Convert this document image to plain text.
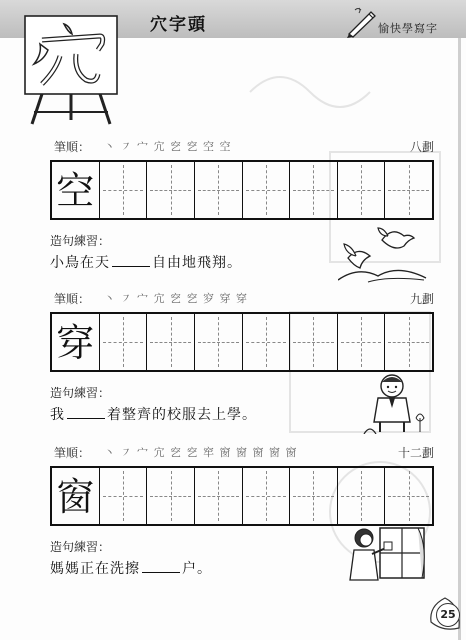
穴字頭	愉快學寫字
筆順： 丶 ㇇ 宀 宂 穵 穵 空 空	八劃
空
造句練習：
小鳥在天	自由地飛翔。
筆順： 丶 ㇇ 宀 宂 穵 穵 穸 穿 穿	九劃
穿
造句練習：
我	着整齊的校服去上學。
筆順： 丶 ㇇ 宀 宂 穵 穵 窂 窗 窗 窗 窗 窗	十二劃
窗
造句練習：
媽媽正在洗擦	户。
25
